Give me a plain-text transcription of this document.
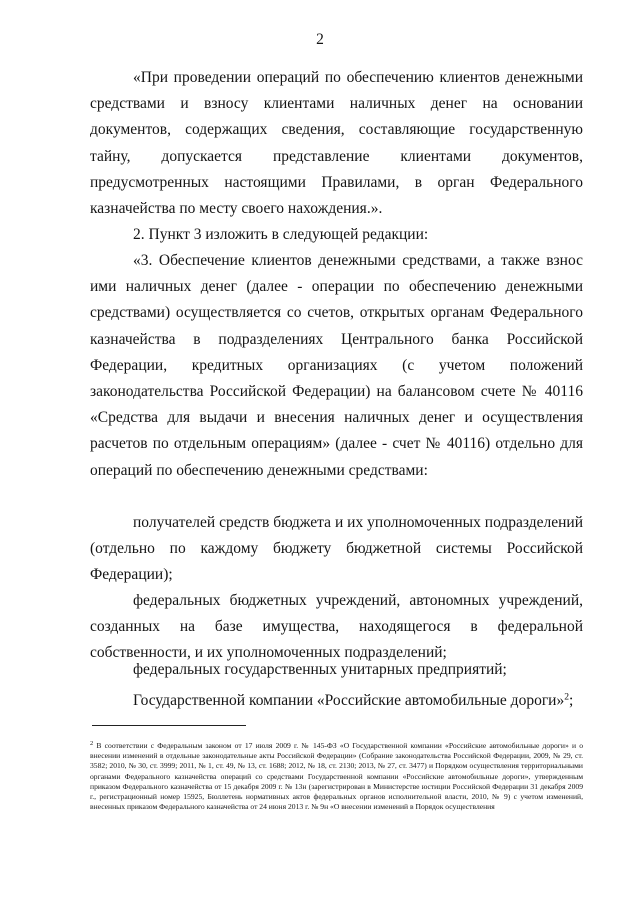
2

«При проведении операций по обеспечению клиентов денежными средствами и взносу клиентами наличных денег на основании документов, содержащих сведения, составляющие государственную тайну, допускается представление клиентами документов, предусмотренных настоящими Правилами, в орган Федерального казначейства по месту своего нахождения.».

2. Пункт 3 изложить в следующей редакции:

«3. Обеспечение клиентов денежными средствами, а также взнос ими наличных денег (далее - операции по обеспечению денежными средствами) осуществляется со счетов, открытых органам Федерального казначейства в подразделениях Центрального банка Российской Федерации, кредитных организациях (с учетом положений законодательства Российской Федерации) на балансовом счете № 40116 «Средства для выдачи и внесения наличных денег и осуществления расчетов по отдельным операциям» (далее - счет № 40116) отдельно для операций по обеспечению денежными средствами:

получателей средств бюджета и их уполномоченных подразделений (отдельно по каждому бюджету бюджетной системы Российской Федерации);

федеральных бюджетных учреждений, автономных учреждений, созданных на базе имущества, находящегося в федеральной собственности, и их уполномоченных подразделений;

федеральных государственных унитарных предприятий;

Государственной компании «Российские автомобильные дороги»$^2$;

$^2$ В соответствии с Федеральным законом от 17 июля 2009 г. № 145-ФЗ «О Государственной компании «Российские автомобильные дороги» и о внесении изменений в отдельные законодательные акты Российской Федерации» (Собрание законодательства Российской Федерации, 2009, № 29, ст. 3582; 2010, № 30, ст. 3999; 2011, № 1, ст. 49, № 13, ст. 1688; 2012, № 18, ст. 2130; 2013, № 27, ст. 3477) и Порядком осуществления территориальными органами Федерального казначейства операций со средствами Государственной компании «Российские автомобильные дороги», утвержденным приказом Федерального казначейства от 15 декабря 2009 г. № 13н (зарегистрирован в Министерстве юстиции Российской Федерации 31 декабря 2009 г., регистрационный номер 15925, Бюллетень нормативных актов федеральных органов исполнительной власти, 2010, № 9) с учетом изменений, внесенных приказом Федерального казначейства от 24 июня 2013 г. № 9н «О внесении изменений в Порядок осуществления
